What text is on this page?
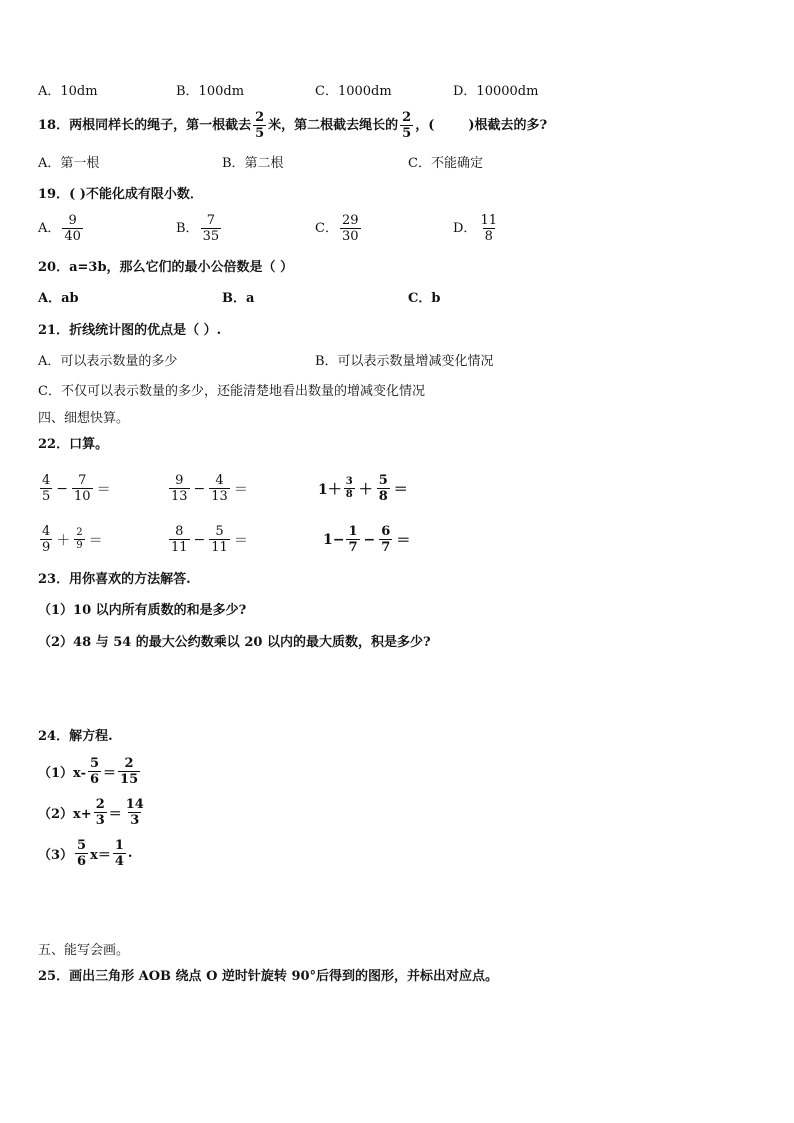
A．10dm	B．100dm	C．1000dm	D．10000dm
18． 两根同样长的绳子，第一根截去 $\frac{2}{5}$ 米，第二根截去绳长的 $\frac{2}{5}$ ，(	)根截去的多?
A．第一根	B．第二根	C．不能确定
19．( )不能化成有限小数．
A． $\frac{9}{40}$	B． $\frac{7}{35}$	C． $\frac{29}{30}$	D． $\frac{11}{8}$
20．a=3b，那么它们的最小公倍数是（ ）
A．ab	B．a	C．b
21．折线统计图的优点是（ ）.
A．可以表示数量的多少	B．可以表示数量增减变化情况
C．不仅可以表示数量的多少，还能清楚地看出数量的增减变化情况
四、细想快算。
22．口算。
$\frac{4}{5} - \frac{7}{10}$ ＝	$\frac{9}{13} - \frac{4}{13}$ ＝	$1+ \frac{3}{8} + \frac{5}{8}$ ＝
$\frac{4}{9} + \frac{2}{9}$ ＝	$\frac{8}{11} - \frac{5}{11}$ ＝	$1- \frac{1}{7} - \frac{6}{7}$ ＝
23．用你喜欢的方法解答.
（1）10 以内所有质数的和是多少?
（2）48 与 54 的最大公约数乘以 20 以内的最大质数，积是多少?
24．解方程.
$(1)x- \frac{5}{6} = \frac{2}{15}$
$(2)x+ \frac{2}{3} = \frac{14}{3}$
$(3) \frac{5}{6} x= \frac{1}{4}$ .
五、能写会画。
25．画出三角形 AOB 绕点 O 逆时针旋转 90°后得到的图形，并标出对应点。
